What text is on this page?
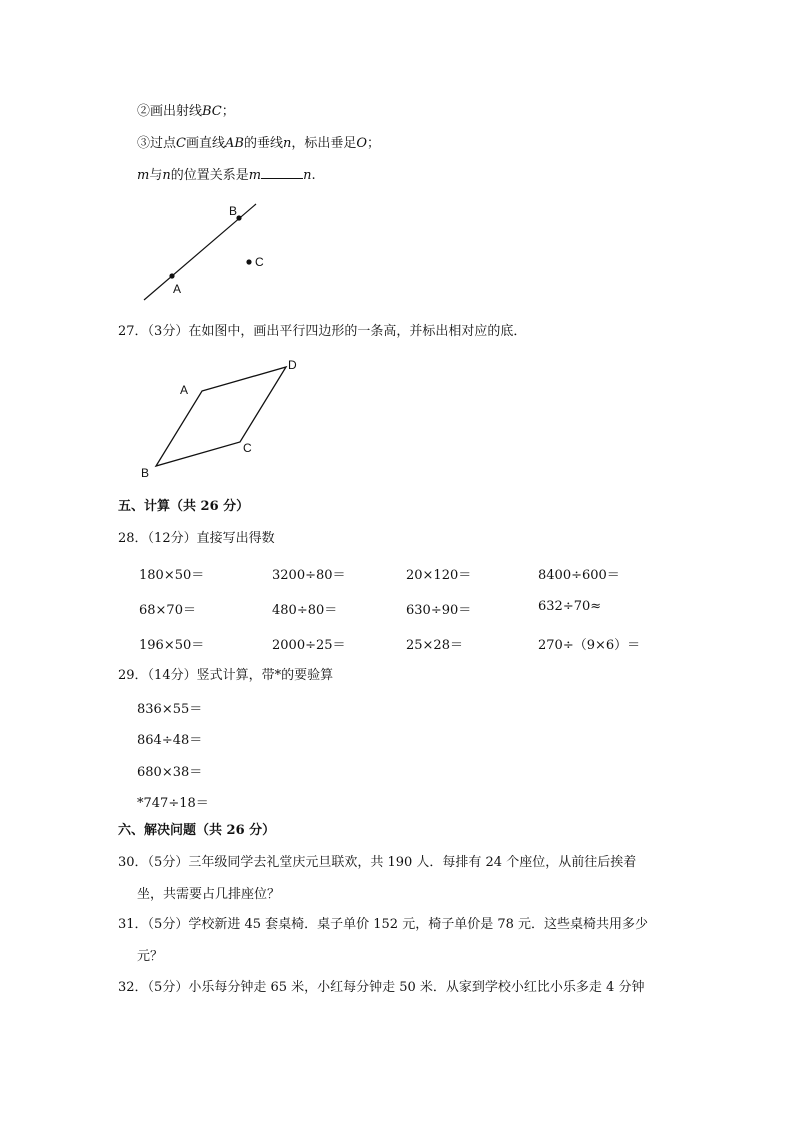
②画出射线BC；
③过点C画直线AB的垂线n，标出垂足O；
m与n的位置关系是m	n.
B
A
C
27．（3分）在如图中，画出平行四边形的一条高，并标出相对应的底．
A
D
C
B
五、计算（共 26 分）
28．（12分）直接写出得数
180×50＝	3200÷80＝	20×120＝	8400÷600＝
68×70＝	480÷80＝	630÷90＝	632÷70≈
196×50＝	2000÷25＝	25×28＝	270÷（9×6）＝
29．（14分）竖式计算，带*的要验算
836×55＝
864÷48＝
680×38＝
*747÷18＝
六、解决问题（共 26 分）
30．（5分）三年级同学去礼堂庆元旦联欢，共 190 人．每排有 24 个座位，从前往后挨着
坐，共需要占几排座位？
31．（5分）学校新进 45 套桌椅．桌子单价 152 元，椅子单价是 78 元．这些桌椅共用多少
元？
32．（5分）小乐每分钟走 65 米，小红每分钟走 50 米．从家到学校小红比小乐多走 4 分钟
